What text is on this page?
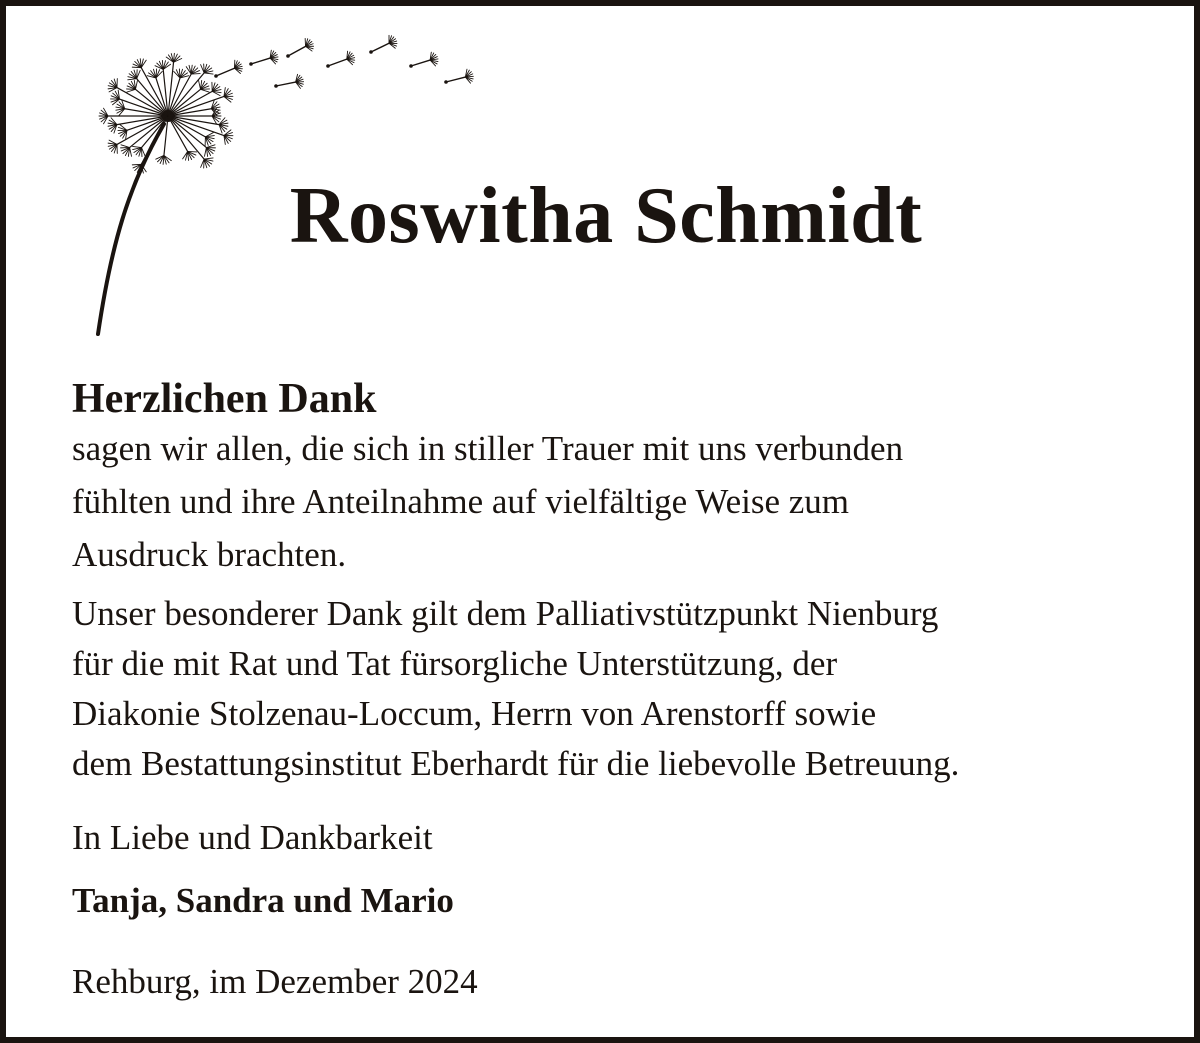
Roswitha Schmidt
Herzlichen Dank

sagen wir allen, die sich in stiller Trauer mit uns verbunden
fühlten und ihre Anteilnahme auf vielfältige Weise zum
Ausdruck brachten.

Unser besonderer Dank gilt dem Palliativstützpunkt Nienburg
für die mit Rat und Tat fürsorgliche Unterstützung, der
Diakonie Stolzenau-Loccum, Herrn von Arenstorff sowie
dem Bestattungsinstitut Eberhardt für die liebevolle Betreuung.

In Liebe und Dankbarkeit
Tanja, Sandra und Mario
Rehburg, im Dezember 2024
